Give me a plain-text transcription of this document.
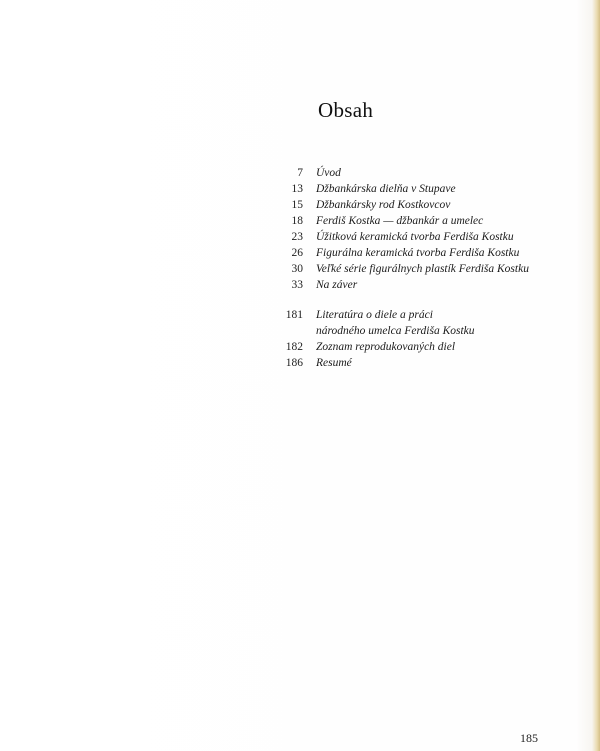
Obsah
7 Úvod
13 Džbankárska dielňa v Stupave
15 Džbankársky rod Kostkovcov
18 Ferdiš Kostka — džbankár a umelec
23 Úžitková keramická tvorba Ferdiša Kostku
26 Figurálna keramická tvorba Ferdiša Kostku
30 Veľké série figurálnych plastík Ferdiša Kostku
33 Na záver
181 Literatúra o diele a práci
národného umelca Ferdiša Kostku
182 Zoznam reprodukovaných diel
186 Resumé
185
